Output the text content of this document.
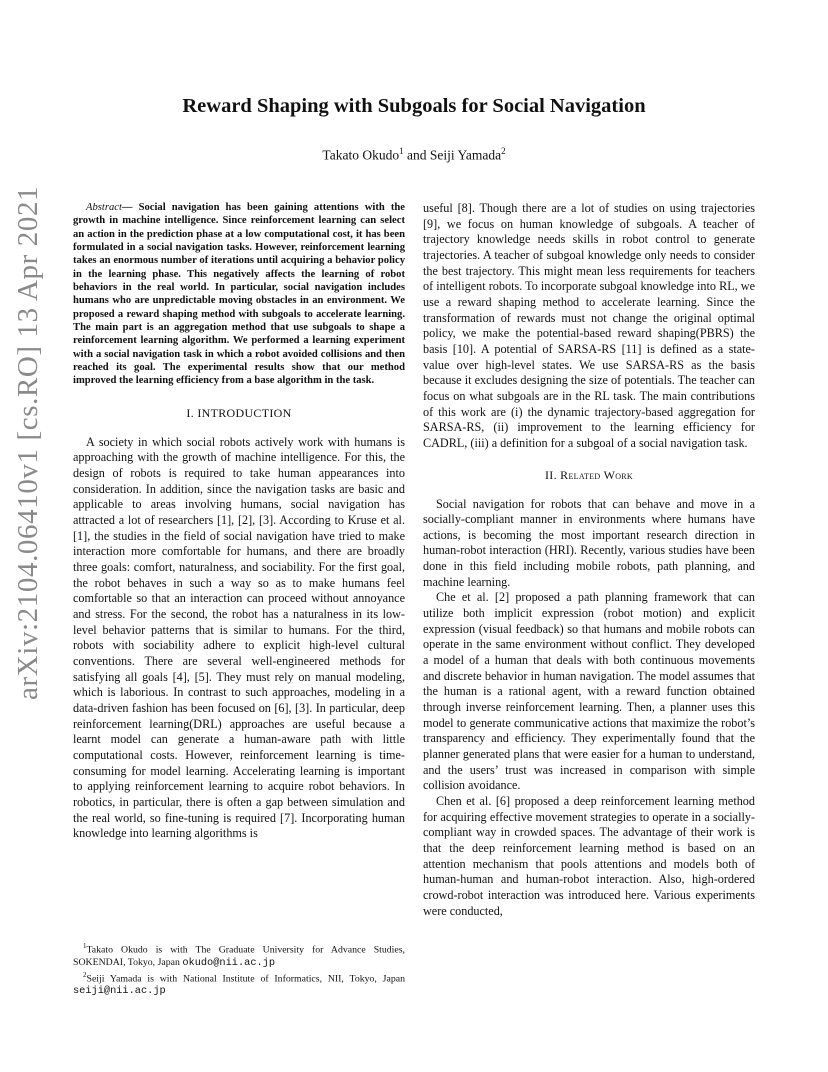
arXiv:2104.06410v1 [cs.RO] 13 Apr 2021
Reward Shaping with Subgoals for Social Navigation
Takato Okudo$^1$ and Seiji Yamada$^2$

Abstract— Social navigation has been gaining attentions with the growth in machine intelligence. Since reinforcement learning can select an action in the prediction phase at a low computational cost, it has been formulated in a social navigation tasks. However, reinforcement learning takes an enormous number of iterations until acquiring a behavior policy in the learning phase. This negatively affects the learning of robot behaviors in the real world. In particular, social navigation includes humans who are unpredictable moving obstacles in an environment. We proposed a reward shaping method with subgoals to accelerate learning. The main part is an aggregation method that use subgoals to shape a reinforcement learning algorithm. We performed a learning experiment with a social navigation task in which a robot avoided collisions and then reached its goal. The experimental results show that our method improved the learning efficiency from a base algorithm in the task.

I. INTRODUCTION

A society in which social robots actively work with humans is approaching with the growth of machine intelligence. For this, the design of robots is required to take human appearances into consideration. In addition, since the navigation tasks are basic and applicable to areas involving humans, social navigation has attracted a lot of researchers [1], [2], [3]. According to Kruse et al. [1], the studies in the field of social navigation have tried to make interaction more comfortable for humans, and there are broadly three goals: comfort, naturalness, and sociability. For the first goal, the robot behaves in such a way so as to make humans feel comfortable so that an interaction can proceed without annoyance and stress. For the second, the robot has a naturalness in its low-level behavior patterns that is similar to humans. For the third, robots with sociability adhere to explicit high-level cultural conventions. There are several well-engineered methods for satisfying all goals [4], [5]. They must rely on manual modeling, which is laborious. In contrast to such approaches, modeling in a data-driven fashion has been focused on [6], [3]. In particular, deep reinforcement learning(DRL) approaches are useful because a learnt model can generate a human-aware path with little computational costs. However, reinforcement learning is time-consuming for model learning. Accelerating learning is important to applying reinforcement learning to acquire robot behaviors. In robotics, in particular, there is often a gap between simulation and the real world, so fine-tuning is required [7]. Incorporating human knowledge into learning algorithms is

useful [8]. Though there are a lot of studies on using trajectories [9], we focus on human knowledge of subgoals. A teacher of trajectory knowledge needs skills in robot control to generate trajectories. A teacher of subgoal knowledge only needs to consider the best trajectory. This might mean less requirements for teachers of intelligent robots. To incorporate subgoal knowledge into RL, we use a reward shaping method to accelerate learning. Since the transformation of rewards must not change the original optimal policy, we make the potential-based reward shaping(PBRS) the basis [10]. A potential of SARSA-RS [11] is defined as a state-value over high-level states. We use SARSA-RS as the basis because it excludes designing the size of potentials. The teacher can focus on what subgoals are in the RL task. The main contributions of this work are (i) the dynamic trajectory-based aggregation for SARSA-RS, (ii) improvement to the learning efficiency for CADRL, (iii) a definition for a subgoal of a social navigation task.

II. Related Work

Social navigation for robots that can behave and move in a socially-compliant manner in environments where humans have actions, is becoming the most important research direction in human-robot interaction (HRI). Recently, various studies have been done in this field including mobile robots, path planning, and machine learning.

Che et al. [2] proposed a path planning framework that can utilize both implicit expression (robot motion) and explicit expression (visual feedback) so that humans and mobile robots can operate in the same environment without conflict. They developed a model of a human that deals with both continuous movements and discrete behavior in human navigation. The model assumes that the human is a rational agent, with a reward function obtained through inverse reinforcement learning. Then, a planner uses this model to generate communicative actions that maximize the robot’s transparency and efficiency. They experimentally found that the planner generated plans that were easier for a human to understand, and the users’ trust was increased in comparison with simple collision avoidance.

Chen et al. [6] proposed a deep reinforcement learning method for acquiring effective movement strategies to operate in a socially-compliant way in crowded spaces. The advantage of their work is that the deep reinforcement learning method is based on an attention mechanism that pools attentions and models both of human-human and human-robot interaction. Also, high-ordered crowd-robot interaction was introduced here. Various experiments were conducted,

$^1$Takato Okudo is with The Graduate University for Advance Studies, SOKENDAI, Tokyo, Japan okudo@nii.ac.jp

$^2$Seiji Yamada is with National Institute of Informatics, NII, Tokyo, Japan seiji@nii.ac.jp
